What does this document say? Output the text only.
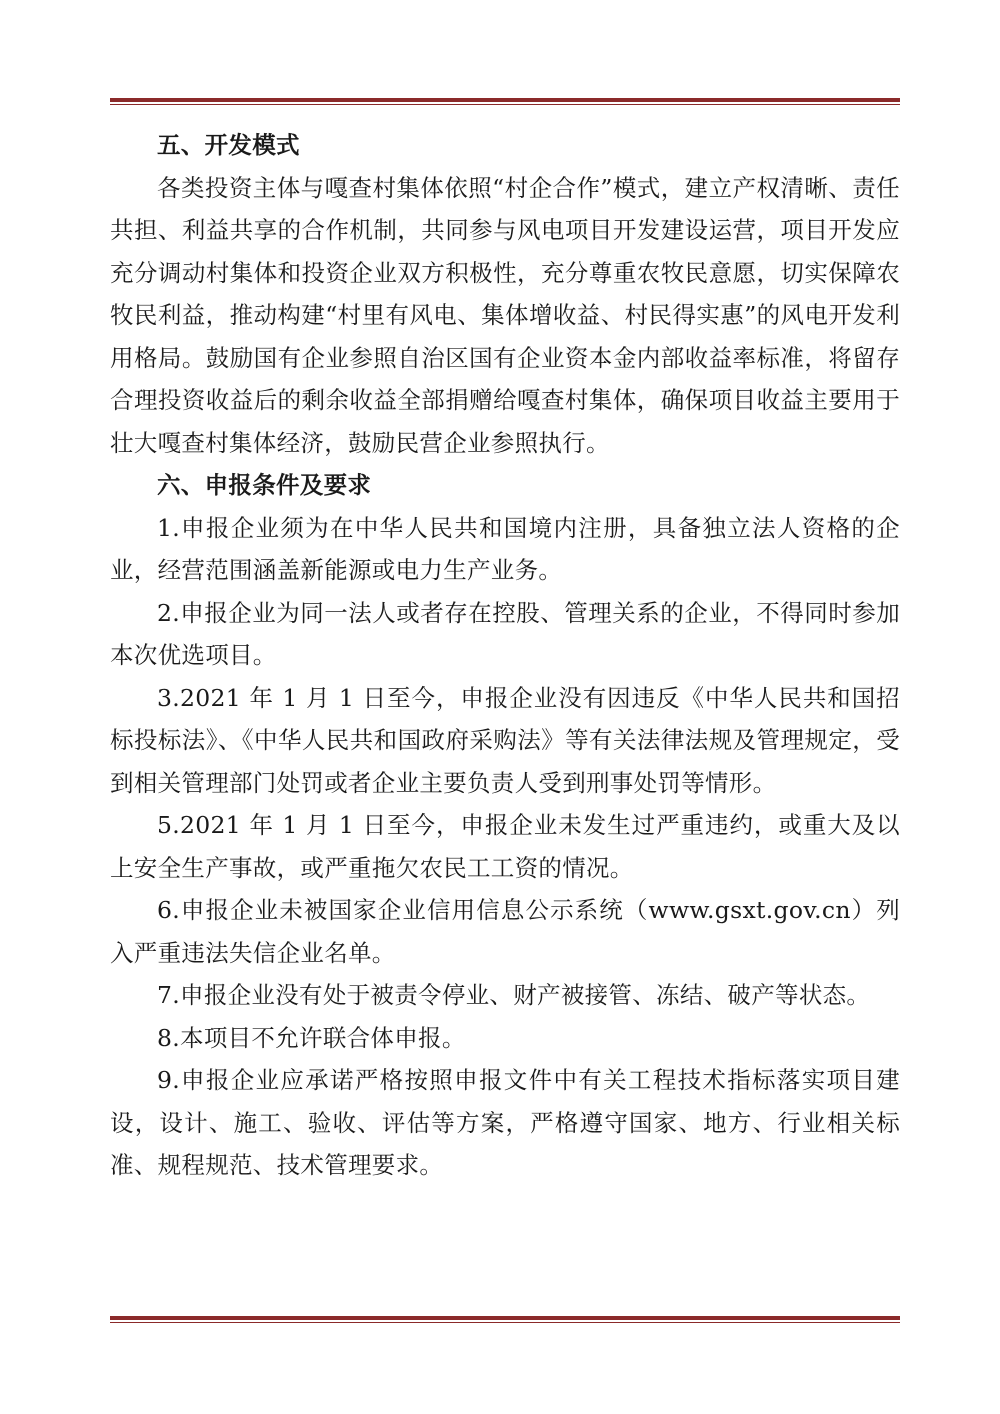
五、开发模式

各类投资主体与嘎查村集体依照“村企合作”模式，建立产权清晰、责任共担、利益共享的合作机制，共同参与风电项目开发建设运营，项目开发应充分调动村集体和投资企业双方积极性，充分尊重农牧民意愿，切实保障农牧民利益，推动构建“村里有风电、集体增收益、村民得实惠”的风电开发利用格局。鼓励国有企业参照自治区国有企业资本金内部收益率标准，将留存合理投资收益后的剩余收益全部捐赠给嘎查村集体，确保项目收益主要用于壮大嘎查村集体经济，鼓励民营企业参照执行。

六、申报条件及要求

1.申报企业须为在中华人民共和国境内注册，具备独立法人资格的企业，经营范围涵盖新能源或电力生产业务。

2.申报企业为同一法人或者存在控股、管理关系的企业，不得同时参加本次优选项目。

3.2021 年 1 月 1 日至今，申报企业没有因违反《中华人民共和国招标投标法》、《中华人民共和国政府采购法》等有关法律法规及管理规定，受到相关管理部门处罚或者企业主要负责人受到刑事处罚等情形。

5.2021 年 1 月 1 日至今，申报企业未发生过严重违约，或重大及以上安全生产事故，或严重拖欠农民工工资的情况。

6.申报企业未被国家企业信用信息公示系统（www.gsxt.gov.cn）列入严重违法失信企业名单。

7.申报企业没有处于被责令停业、财产被接管、冻结、破产等状态。

8.本项目不允许联合体申报。

9.申报企业应承诺严格按照申报文件中有关工程技术指标落实项目建设，设计、施工、验收、评估等方案，严格遵守国家、地方、行业相关标准、规程规范、技术管理要求。
